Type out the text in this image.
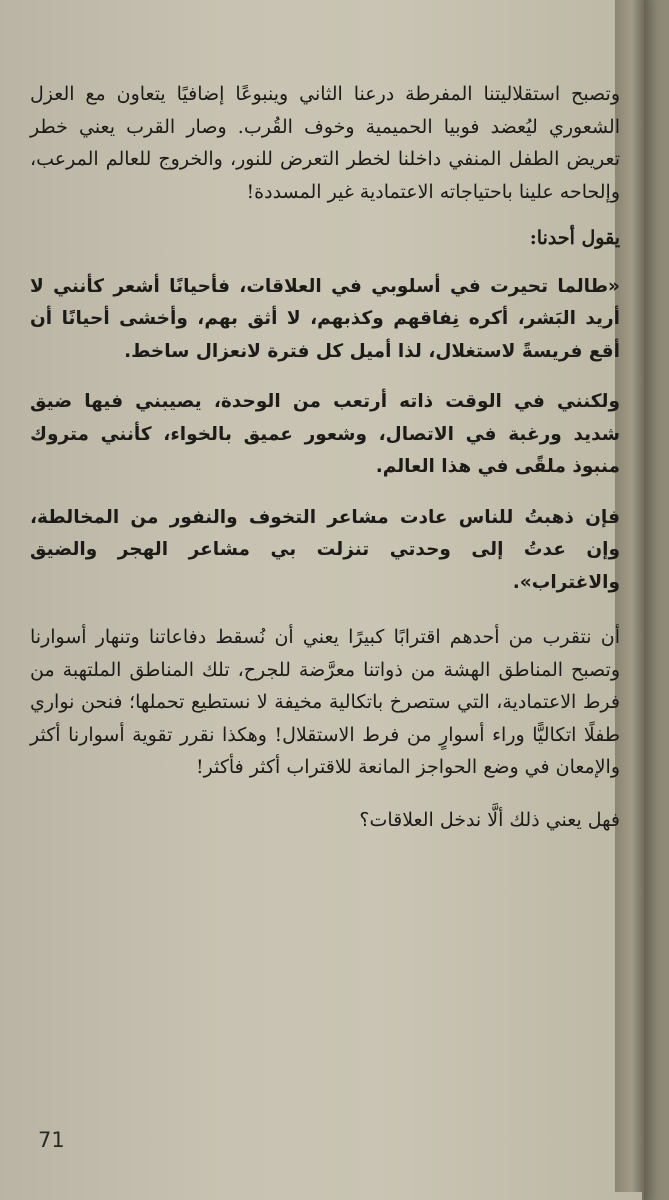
وتصبح استقلاليتنا المفرطة درعنا الثاني وينبوعًا إضافيًا يتعاون مع العزل الشعوري ليُعضد فوبيا الحميمية وخوف القُرب. وصار القرب يعني خطر تعريض الطفل المنفي داخلنا لخطر التعرض للنور، والخروج للعالم المرعب، وإلحاحه علينا باحتياجاته الاعتمادية غير المسددة!

يقول أحدنا:

«طالما تحيرت في أسلوبي في العلاقات، فأحيانًا أشعر كأنني لا أريد البَشر، أكره نِفاقهم وكذبهم، لا أثق بهم، وأخشى أحيانًا أن أقع فريسةً لاستغلال، لذا أميل كل فترة لانعزال ساخط.

ولكنني في الوقت ذاته أرتعب من الوحدة، يصيبني فيها ضيق شديد ورغبة في الاتصال، وشعور عميق بالخواء، كأنني متروك منبوذ ملقًى في هذا العالم.

فإن ذهبتُ للناس عادت مشاعر التخوف والنفور من المخالطة، وإن عدتُ إلى وحدتي تنزلت بي مشاعر الهجر والضيق والاغتراب».

أن نتقرب من أحدهم اقترابًا كبيرًا يعني أن نُسقط دفاعاتنا وتنهار أسوارنا وتصبح المناطق الهشة من ذواتنا معرَّضة للجرح، تلك المناطق الملتهبة من فرط الاعتمادية، التي ستصرخ باتكالية مخيفة لا نستطيع تحملها؛ فنحن نواري طفلًا اتكاليًّا وراء أسوارٍ من فرط الاستقلال! وهكذا نقرر تقوية أسوارنا أكثر والإمعان في وضع الحواجز المانعة للاقتراب أكثر فأكثر!

فهل يعني ذلك ألَّا ندخل العلاقات؟

71
